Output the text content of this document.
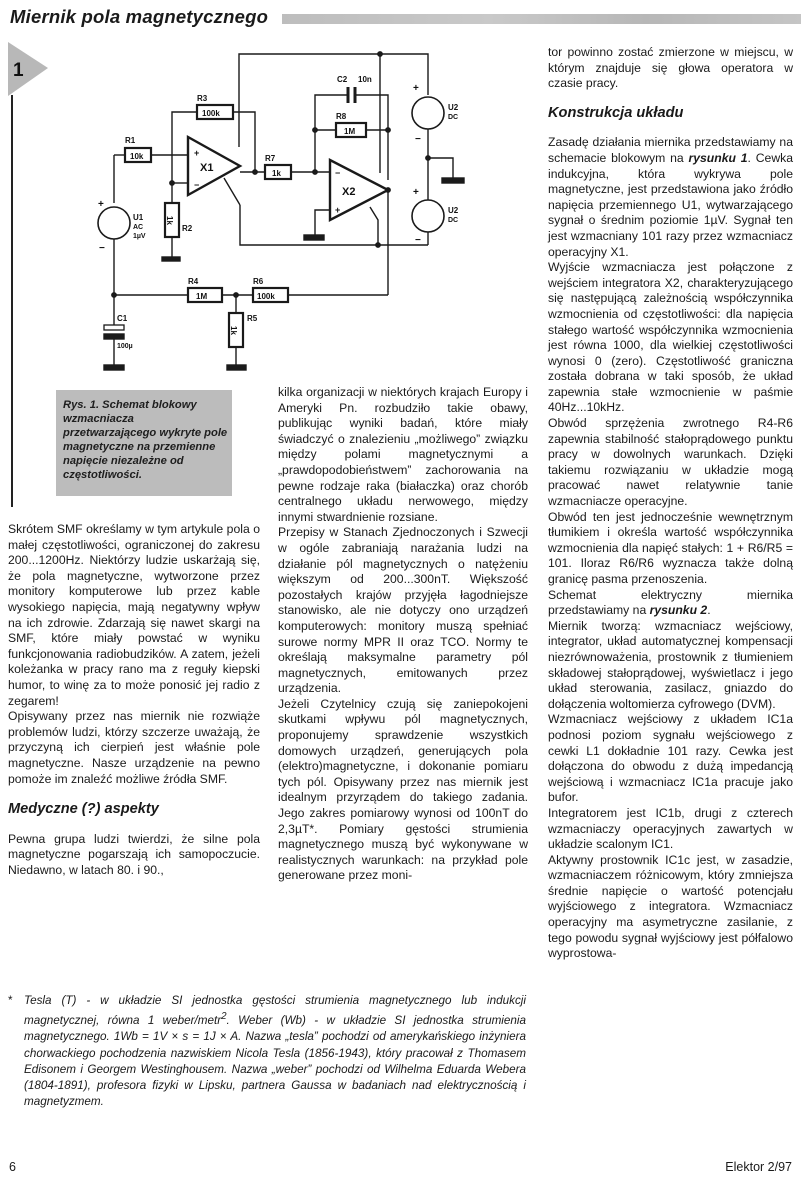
Miernik pola magnetycznego
1
R1
10k	+
−
X1
R3
100k
1k
R2
R7
1k
C2 10n
R8
1M
−
+
X2
+
−
U2
DC
+
−
U2
DC
+
−
U1
AC
1µV
R4
1M
R6
100k
1k
R5
C1
100µ
Rys. 1. Schemat blokowy wzmacniacza przetwarzającego wykryte pole magnetyczne na przemienne napięcie niezależne od częstotliwości.

Skrótem SMF określamy w tym artykule pola o małej częstotliwości, ograniczonej do zakresu 200...1200Hz. Niektórzy ludzie uskarżają się, że pola magnetyczne, wytworzone przez monitory komputerowe lub przez kable wysokiego napięcia, mają negatywny wpływ na ich zdrowie. Zdarzają się nawet skargi na SMF, które miały powstać w wyniku funkcjonowania radiobudzików. A zatem, jeżeli koleżanka w pracy rano ma z reguły kiepski humor, to winę za to może ponosić jej radio z zegarem!

Opisywany przez nas miernik nie rozwiąże problemów ludzi, którzy szczerze uważają, że przyczyną ich cierpień jest właśnie pole magnetyczne. Nasze urządzenie na pewno pomoże im znaleźć możliwe źródła SMF.

Medyczne (?) aspekty

Pewna grupa ludzi twierdzi, że silne pola magnetyczne pogarszają ich samopoczucie. Niedawno, w latach 80. i 90.,

kilka organizacji w niektórych krajach Europy i Ameryki Pn. rozbudziło takie obawy, publikując wyniki badań, które miały świadczyć o znalezieniu „możliwego” związku między polami magnetycznymi a „prawdopodobieństwem” zachorowania na pewne rodzaje raka (białaczka) oraz chorób centralnego układu nerwowego, między innymi stwardnienie rozsiane.

Przepisy w Stanach Zjednoczonych i Szwecji w ogóle zabraniają narażania ludzi na działanie pól magnetycznych o natężeniu większym od 200...300nT. Większość pozostałych krajów przyjęła łagodniejsze stanowisko, ale nie dotyczy ono urządzeń komputerowych: monitory muszą spełniać surowe normy MPR II oraz TCO. Normy te określają maksymalne parametry pól magnetycznych, emitowanych przez urządzenia.

Jeżeli Czytelnicy czują się zaniepokojeni skutkami wpływu pól magnetycznych, proponujemy sprawdzenie wszystkich domowych urządzeń, generujących pola (elektro)magnetyczne, i dokonanie pomiaru tych pól. Opisywany przez nas miernik jest idealnym przyrządem do takiego zadania. Jego zakres pomiarowy wynosi od 100nT do 2,3µT*. Pomiary gęstości strumienia magnetycznego muszą być wykonywane w realistycznych warunkach: na przykład pole generowane przez moni-

tor powinno zostać zmierzone w miejscu, w którym znajduje się głowa operatora w czasie pracy.

Konstrukcja układu

Zasadę działania miernika przedstawiamy na schemacie blokowym na rysunku 1. Cewka indukcyjna, która wykrywa pole magnetyczne, jest przedstawiona jako źródło napięcia przemiennego U1, wytwarzającego sygnał o średnim poziomie 1µV. Sygnał ten jest wzmacniany 101 razy przez wzmacniacz operacyjny X1.

Wyjście wzmacniacza jest połączone z wejściem integratora X2, charakteryzującego się następującą zależnością współczynnika wzmocnienia od częstotliwości: dla napięcia stałego wartość współczynnika wzmocnienia jest równa 1000, dla wielkiej częstotliwości wynosi 0 (zero). Częstotliwość graniczna została dobrana w taki sposób, że układ zapewnia stałe wzmocnienie w paśmie 40Hz...10kHz.

Obwód sprzężenia zwrotnego R4-R6 zapewnia stabilność stałoprądowego punktu pracy w dowolnych warunkach. Dzięki takiemu rozwiązaniu w układzie mogą pracować nawet relatywnie tanie wzmacniacze operacyjne.

Obwód ten jest jednocześnie wewnętrznym tłumikiem i określa wartość współczynnika wzmocnienia dla napięć stałych: 1 + R6/R5 = 101. Iloraz R6/R6 wyznacza także dolną granicę pasma przenoszenia.

Schemat elektryczny miernika przedstawiamy na rysunku 2.

Miernik tworzą: wzmacniacz wejściowy, integrator, układ automatycznej kompensacji niezrównoważenia, prostownik z tłumieniem składowej stałoprądowej, wyświetlacz i jego układ sterowania, zasilacz, gniazdo do dołączenia woltomierza cyfrowego (DVM).

Wzmacniacz wejściowy z układem IC1a podnosi poziom sygnału wejściowego z cewki L1 dokładnie 101 razy. Cewka jest dołączona do obwodu z dużą impedancją wejściową i wzmacniacz IC1a pracuje jako bufor.

Integratorem jest IC1b, drugi z czterech wzmacniaczy operacyjnych zawartych w układzie scalonym IC1.

Aktywny prostownik IC1c jest, w zasadzie, wzmacniaczem różnicowym, który zmniejsza średnie napięcie o wartość potencjału wyjściowego z integratora. Wzmacniacz operacyjny ma asymetryczne zasilanie, z tego powodu sygnał wyjściowy jest półfalowo wyprostowa-

* Tesla (T) - w układzie SI jednostka gęstości strumienia magnetycznego lub indukcji magnetycznej, równa 1 weber/metr$^2$. Weber (Wb) - w układzie SI jednostka strumienia magnetycznego. 1Wb = 1V × s = 1J × A. Nazwa „tesla” pochodzi od amerykańskiego inżyniera chorwackiego pochodzenia nazwiskiem Nicola Tesla (1856-1943), który pracował z Thomasem Edisonem i Georgem Westinghousem. Nazwa „weber” pochodzi od Wilhelma Eduarda Webera (1804-1891), profesora fizyki w Lipsku, partnera Gaussa w badaniach nad elektrycznością i magnetyzmem.
6	Elektor 2/97
